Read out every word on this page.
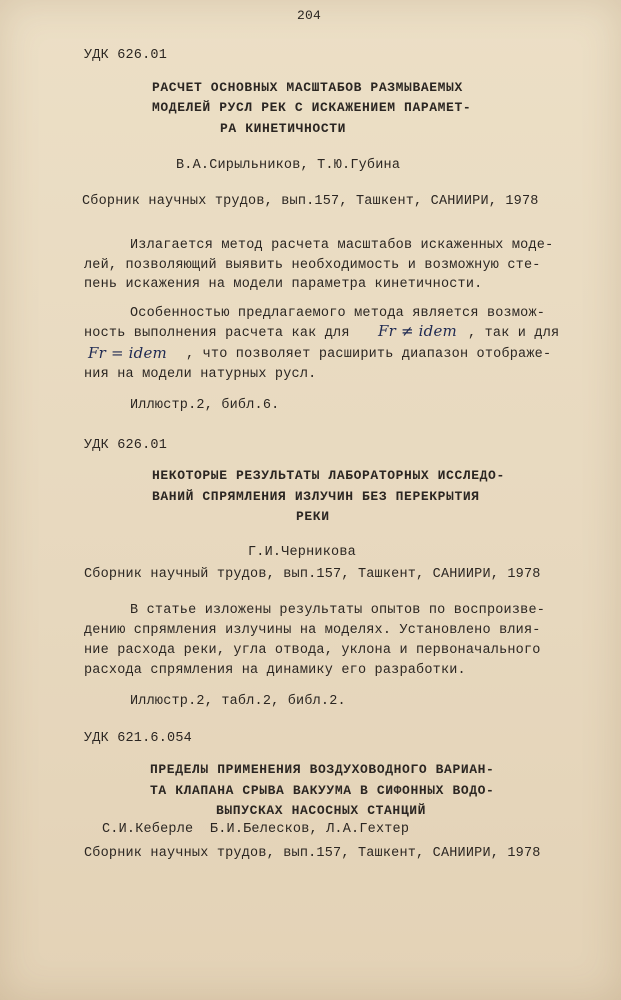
204
УДК 626.01
РАСЧЕТ ОСНОВНЫХ МАСШТАБОВ РАЗМЫВАЕМЫХ
МОДЕЛЕЙ РУСЛ РЕК С ИСКАЖЕНИЕМ ПАРАМЕТ-
РА КИНЕТИЧНОСТИ
В.А.Сирыльников, Т.Ю.Губина
Сборник научных трудов, вып.157, Ташкент, САНИИРИ, 1978
Излагается метод расчета масштабов искаженных моде-
лей, позволяющий выявить необходимость и возможную сте-
пень искажения на модели параметра кинетичности.
Особенностью предлагаемого метода является возмож-
ность выполнения расчета как для Fr ≠ idem , так и для
Fr = idem , что позволяет расширить диапазон отображе-
ния на модели натурных русл.
Иллюстр.2, библ.6.
УДК 626.01
НЕКОТОРЫЕ РЕЗУЛЬТАТЫ ЛАБОРАТОРНЫХ ИССЛЕДО-
ВАНИЙ СПРЯМЛЕНИЯ ИЗЛУЧИН БЕЗ ПЕРЕКРЫТИЯ
РЕКИ
Г.И.Черникова
Сборник научный трудов, вып.157, Ташкент, САНИИРИ, 1978
В статье изложены результаты опытов по воспроизве-
дению спрямления излучины на моделях. Установлено влия-
ние расхода реки, угла отвода, уклона и первоначального
расхода спрямления на динамику его разработки.
Иллюстр.2, табл.2, библ.2.
УДК 621.6.054
ПРЕДЕЛЫ ПРИМЕНЕНИЯ ВОЗДУХОВОДНОГО ВАРИАН-
ТА КЛАПАНА СРЫВА ВАКУУМА В СИФОННЫХ ВОДО-
ВЫПУСКАХ НАСОСНЫХ СТАНЦИЙ
С.И.Кеберле  Б.И.Белесков, Л.А.Гехтер
Сборник научных трудов, вып.157, Ташкент, САНИИРИ, 1978
